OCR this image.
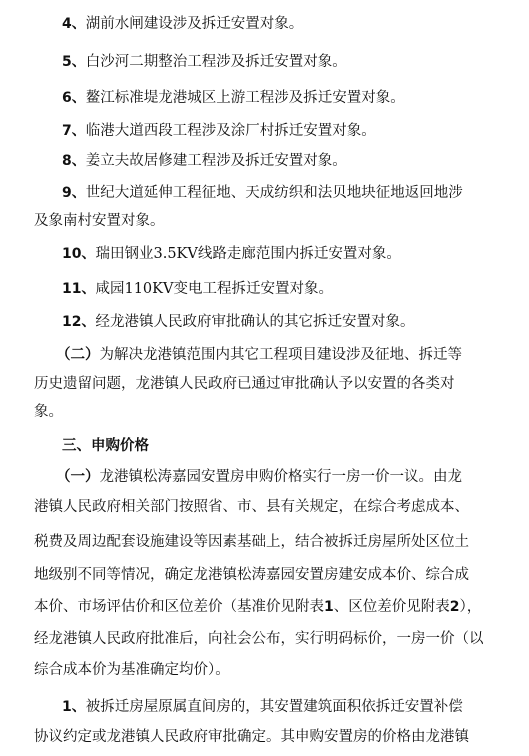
4、湖前水闸建设涉及拆迁安置对象。
5、白沙河二期整治工程涉及拆迁安置对象。
6、鳌江标准堤龙港城区上游工程涉及拆迁安置对象。
7、临港大道西段工程涉及涂厂村拆迁安置对象。
8、姜立夫故居修建工程涉及拆迁安置对象。
9、世纪大道延伸工程征地、天成纺织和法贝地块征地返回地涉
及象南村安置对象。
10、瑞田钢业3.5KV线路走廊范围内拆迁安置对象。
11、咸园110KV变电工程拆迁安置对象。
12、经龙港镇人民政府审批确认的其它拆迁安置对象。
（二）为解决龙港镇范围内其它工程项目建设涉及征地、拆迁等
历史遗留问题，龙港镇人民政府已通过审批确认予以安置的各类对
象。
三、申购价格
（一）龙港镇松涛嘉园安置房申购价格实行一房一价一议。由龙
港镇人民政府相关部门按照省、市、县有关规定，在综合考虑成本、
税费及周边配套设施建设等因素基础上，结合被拆迁房屋所处区位土
地级别不同等情况，确定龙港镇松涛嘉园安置房建安成本价、综合成
本价、市场评估价和区位差价（基准价见附表1、区位差价见附表2），
经龙港镇人民政府批准后，向社会公布，实行明码标价，一房一价（以
综合成本价为基准确定均价）。
1、被拆迁房屋原属直间房的，其安置建筑面积依拆迁安置补偿
协议约定或龙港镇人民政府审批确定。其申购安置房的价格由龙港镇
